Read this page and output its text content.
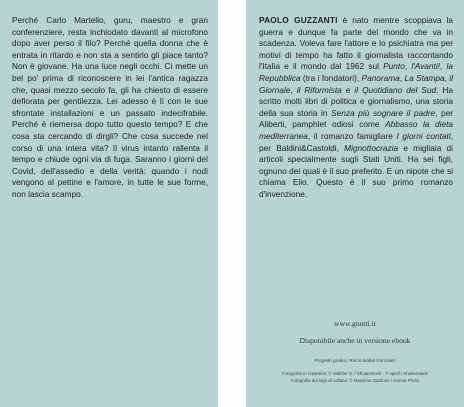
Perché Carlo Martello, guru, maestro e gran conferenziere, resta inchiodato davanti al microfono dopo aver perso il filo? Perché quella donna che è entrata in ritardo e non sta a sentirlo gli piace tanto? Non è giovane. Ha una luce negli occhi. Ci mette un bel po' prima di riconoscere in lei l'antica ragazza che, quasi mezzo secolo fa, gli ha chiesto di essere deflorata per gentilezza. Lei adesso è lì con le sue sfrontate installazioni e un passato indecifrabile. Perché è riemersa dopo tutto questo tempo? E che cosa sta cercando di dirgli? Che cosa succede nel corso di una intera vita? Il virus intanto rallenta il tempo e chiude ogni via di fuga. Saranno i giorni del Covid, dell'assedio e della verità: quando i nodi vengono al pettine e l'amore, in tutte le sue forme, non lascia scampo.

PAOLO GUZZANTI è nato mentre scoppiava la guerra e dunque fa parte del mondo che va in scadenza. Voleva fare l'attore e lo psichiatra ma per motivi di tempo ha fatto il giornalista raccontando l'Italia e il mondo dal 1962 sul Punto, l'Avanti!, la Repubblica (tra i fondatori), Panorama, La Stampa, il Giornale, il Riformista e il Quotidiano del Sud. Ha scritto molti libri di politica e giornalismo, una storia della sua storia in Senza più sognare il padre, per Aliberti, pamphlet odiosi come Abbasso la dieta mediterranea, il romanzo famigliare I giorni contati, per Baldini&Castoldi, Mignottocrazia e migliaia di articoli specialmente sugli Stati Uniti. Ha sei figli, ognuno dei quali è il suo preferito. E un nipote che si chiama Elio. Questo è il suo primo romanzo d'invenzione.

www.giunti.it
Disponibile anche in versione ebook
Progetto grafico: Rocío Isabel González
Fotografie in copertina: © Walther S. / Shutterstock - © spiell / Shutterstock
Fotografia del logo di collana: © Massimo Gardone / Azimut Photo
